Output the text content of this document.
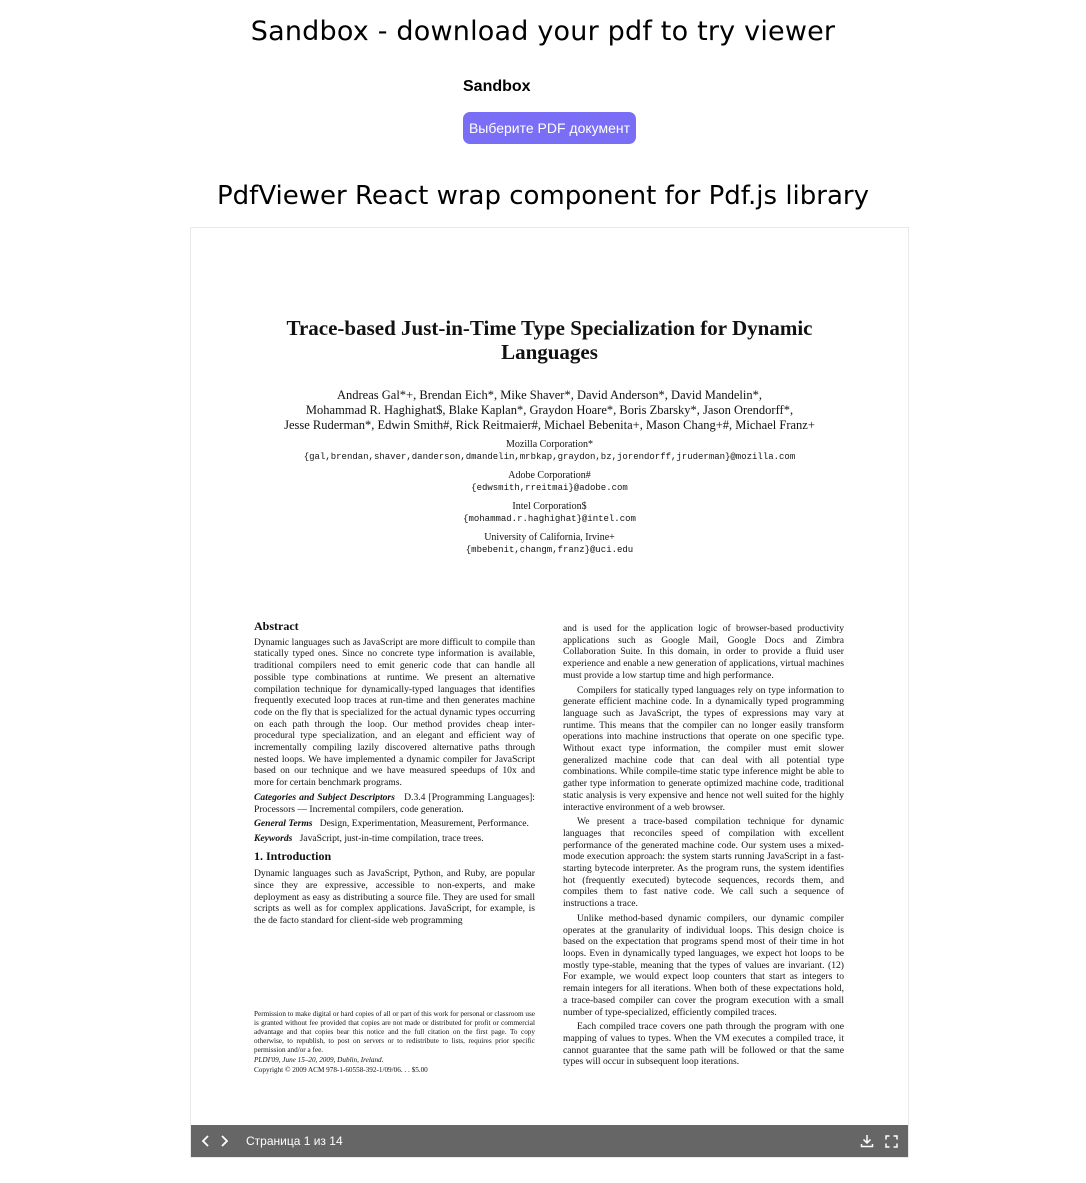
Sandbox - download your pdf to try viewer
Sandbox
Выберите PDF документ
PdfViewer React wrap component for Pdf.js library
Trace-based Just-in-Time Type Specialization for Dynamic Languages
Andreas Gal*+, Brendan Eich*, Mike Shaver*, David Anderson*, David Mandelin*,
Mohammad R. Haghighat$, Blake Kaplan*, Graydon Hoare*, Boris Zbarsky*, Jason Orendorff*,
Jesse Ruderman*, Edwin Smith#, Rick Reitmaier#, Michael Bebenita+, Mason Chang+#, Michael Franz+
Mozilla Corporation*
{gal,brendan,shaver,danderson,dmandelin,mrbkap,graydon,bz,jorendorff,jruderman}@mozilla.com
Adobe Corporation#
{edwsmith,rreitmai}@adobe.com
Intel Corporation$
{mohammad.r.haghighat}@intel.com
University of California, Irvine+
{mbebenit,changm,franz}@uci.edu

Abstract

Dynamic languages such as JavaScript are more difficult to compile than statically typed ones. Since no concrete type information is available, traditional compilers need to emit generic code that can handle all possible type combinations at runtime. We present an alternative compilation technique for dynamically-typed languages that identifies frequently executed loop traces at run-time and then generates machine code on the fly that is specialized for the actual dynamic types occurring on each path through the loop. Our method provides cheap inter-procedural type specialization, and an elegant and efficient way of incrementally compiling lazily discovered alternative paths through nested loops. We have implemented a dynamic compiler for JavaScript based on our technique and we have measured speedups of 10x and more for certain benchmark programs.

Categories and Subject Descriptors D.3.4 [Programming Languages]: Processors — Incremental compilers, code generation.

General Terms Design, Experimentation, Measurement, Performance.

Keywords JavaScript, just-in-time compilation, trace trees.

1. Introduction

Dynamic languages such as JavaScript, Python, and Ruby, are popular since they are expressive, accessible to non-experts, and make deployment as easy as distributing a source file. They are used for small scripts as well as for complex applications. JavaScript, for example, is the de facto standard for client-side web programming

and is used for the application logic of browser-based productivity applications such as Google Mail, Google Docs and Zimbra Collaboration Suite. In this domain, in order to provide a fluid user experience and enable a new generation of applications, virtual machines must provide a low startup time and high performance.

Compilers for statically typed languages rely on type information to generate efficient machine code. In a dynamically typed programming language such as JavaScript, the types of expressions may vary at runtime. This means that the compiler can no longer easily transform operations into machine instructions that operate on one specific type. Without exact type information, the compiler must emit slower generalized machine code that can deal with all potential type combinations. While compile-time static type inference might be able to gather type information to generate optimized machine code, traditional static analysis is very expensive and hence not well suited for the highly interactive environment of a web browser.

We present a trace-based compilation technique for dynamic languages that reconciles speed of compilation with excellent performance of the generated machine code. Our system uses a mixed-mode execution approach: the system starts running JavaScript in a fast-starting bytecode interpreter. As the program runs, the system identifies hot (frequently executed) bytecode sequences, records them, and compiles them to fast native code. We call such a sequence of instructions a trace.

Unlike method-based dynamic compilers, our dynamic compiler operates at the granularity of individual loops. This design choice is based on the expectation that programs spend most of their time in hot loops. Even in dynamically typed languages, we expect hot loops to be mostly type-stable, meaning that the types of values are invariant. (12) For example, we would expect loop counters that start as integers to remain integers for all iterations. When both of these expectations hold, a trace-based compiler can cover the program execution with a small number of type-specialized, efficiently compiled traces.

Each compiled trace covers one path through the program with one mapping of values to types. When the VM executes a compiled trace, it cannot guarantee that the same path will be followed or that the same types will occur in subsequent loop iterations.

Permission to make digital or hard copies of all or part of this work for personal or classroom use is granted without fee provided that copies are not made or distributed for profit or commercial advantage and that copies bear this notice and the full citation on the first page. To copy otherwise, to republish, to post on servers or to redistribute to lists, requires prior specific permission and/or a fee.

PLDI'09, June 15–20, 2009, Dublin, Ireland.

Copyright © 2009 ACM 978-1-60558-392-1/09/06. . . $5.00

Страница 1 из 14
